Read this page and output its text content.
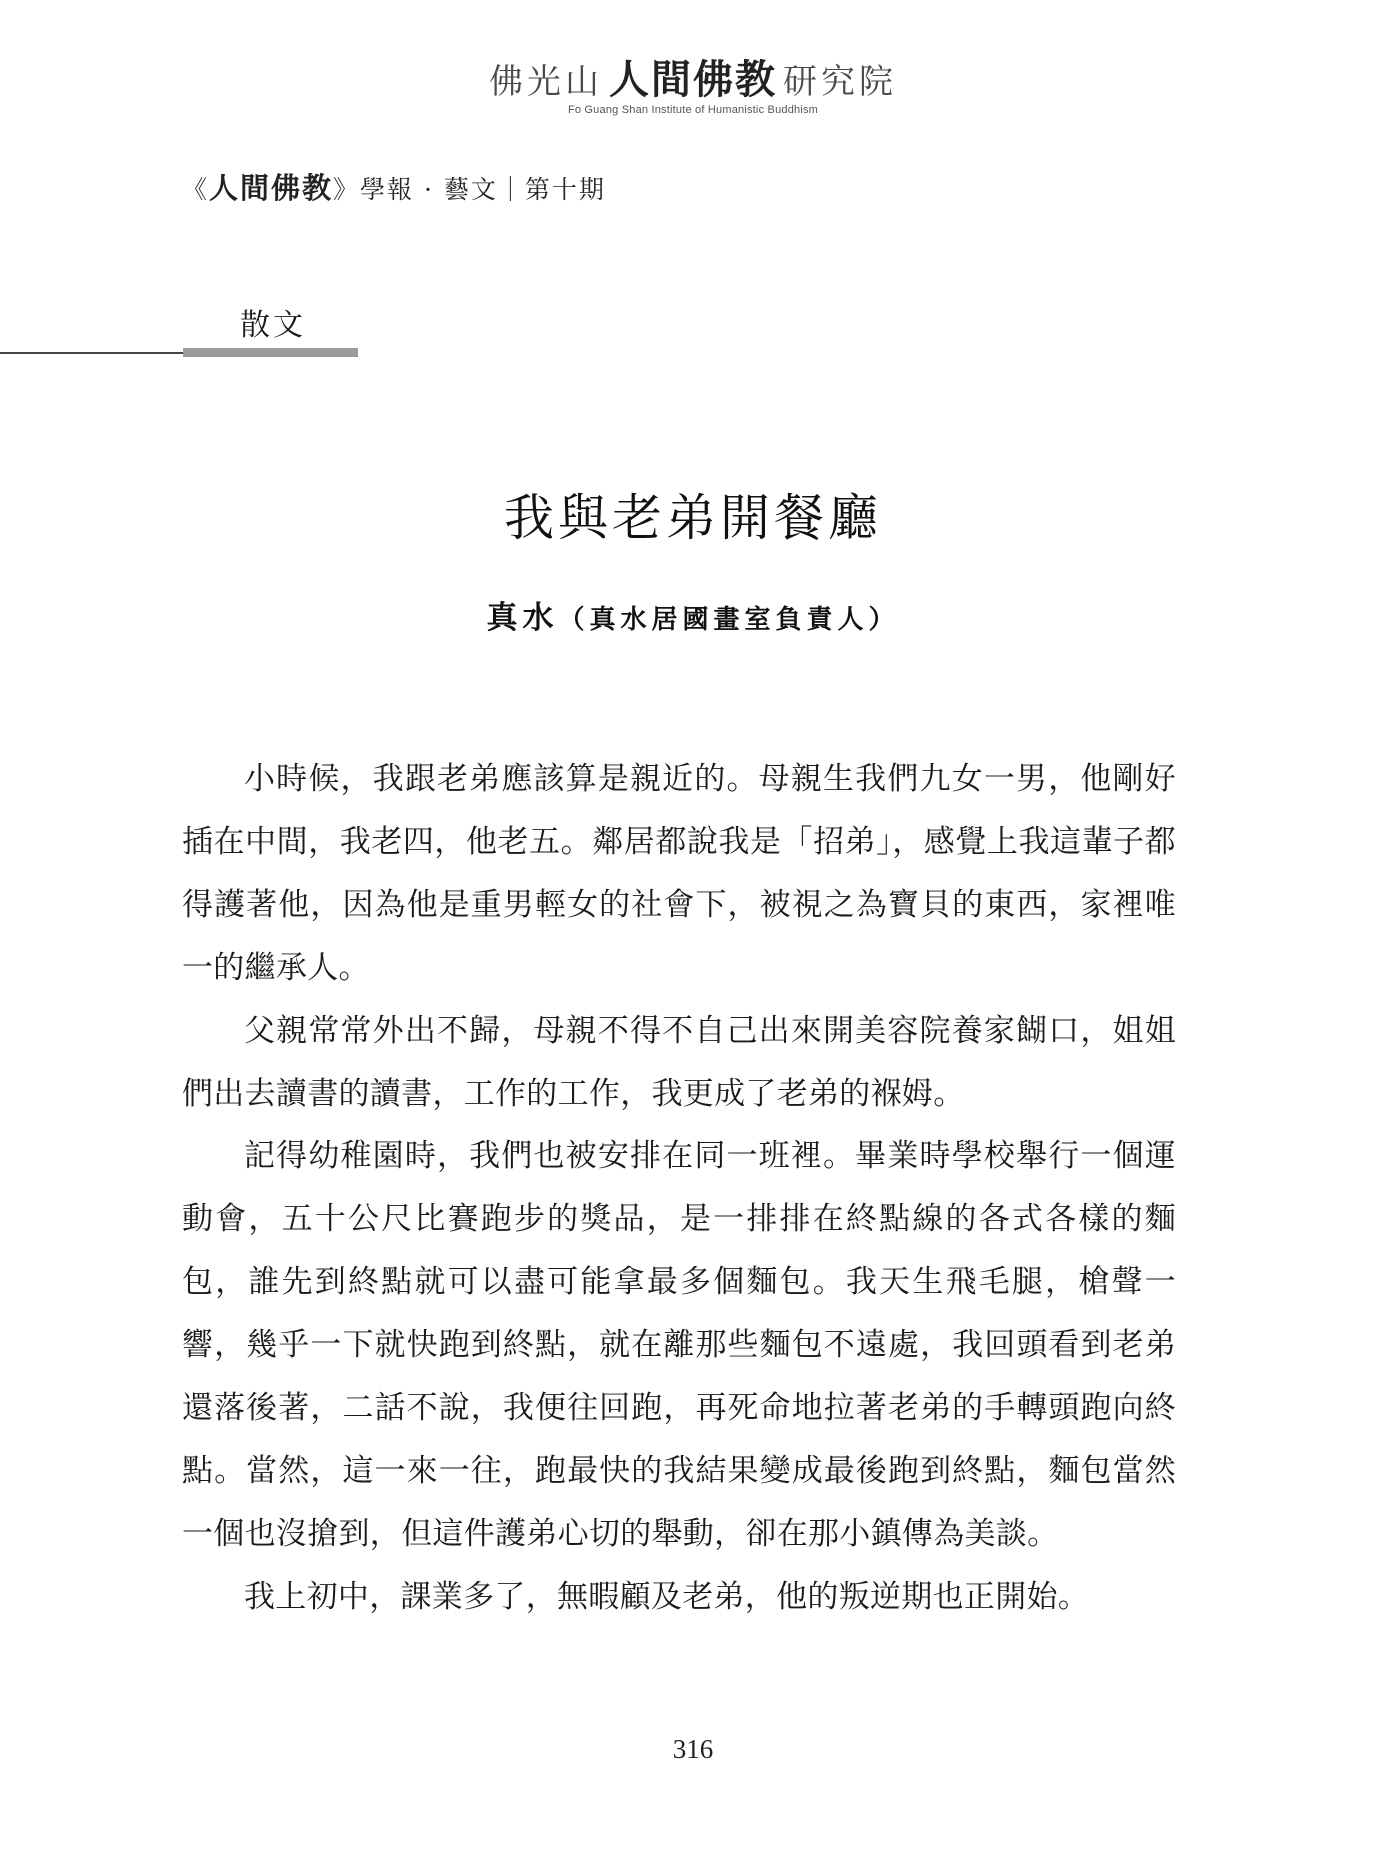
佛光山 人間佛教 研究院
Fo Guang Shan Institute of Humanistic Buddhism
《人間佛教》學報 · 藝文｜第十期
散文
我與老弟開餐廳
真水（真水居國畫室負責人）

小時候，我跟老弟應該算是親近的。母親生我們九女一男，他剛好插在中間，我老四，他老五。鄰居都說我是「招弟」，感覺上我這輩子都得護著他，因為他是重男輕女的社會下，被視之為寶貝的東西，家裡唯一的繼承人。

父親常常外出不歸，母親不得不自己出來開美容院養家餬口，姐姐們出去讀書的讀書，工作的工作，我更成了老弟的褓姆。

記得幼稚園時，我們也被安排在同一班裡。畢業時學校舉行一個運動會，五十公尺比賽跑步的獎品，是一排排在終點線的各式各樣的麵包，誰先到終點就可以盡可能拿最多個麵包。我天生飛毛腿，槍聲一響，幾乎一下就快跑到終點，就在離那些麵包不遠處，我回頭看到老弟還落後著，二話不說，我便往回跑，再死命地拉著老弟的手轉頭跑向終點。當然，這一來一往，跑最快的我結果變成最後跑到終點，麵包當然一個也沒搶到，但這件護弟心切的舉動，卻在那小鎮傳為美談。

我上初中，課業多了，無暇顧及老弟，他的叛逆期也正開始。

316
